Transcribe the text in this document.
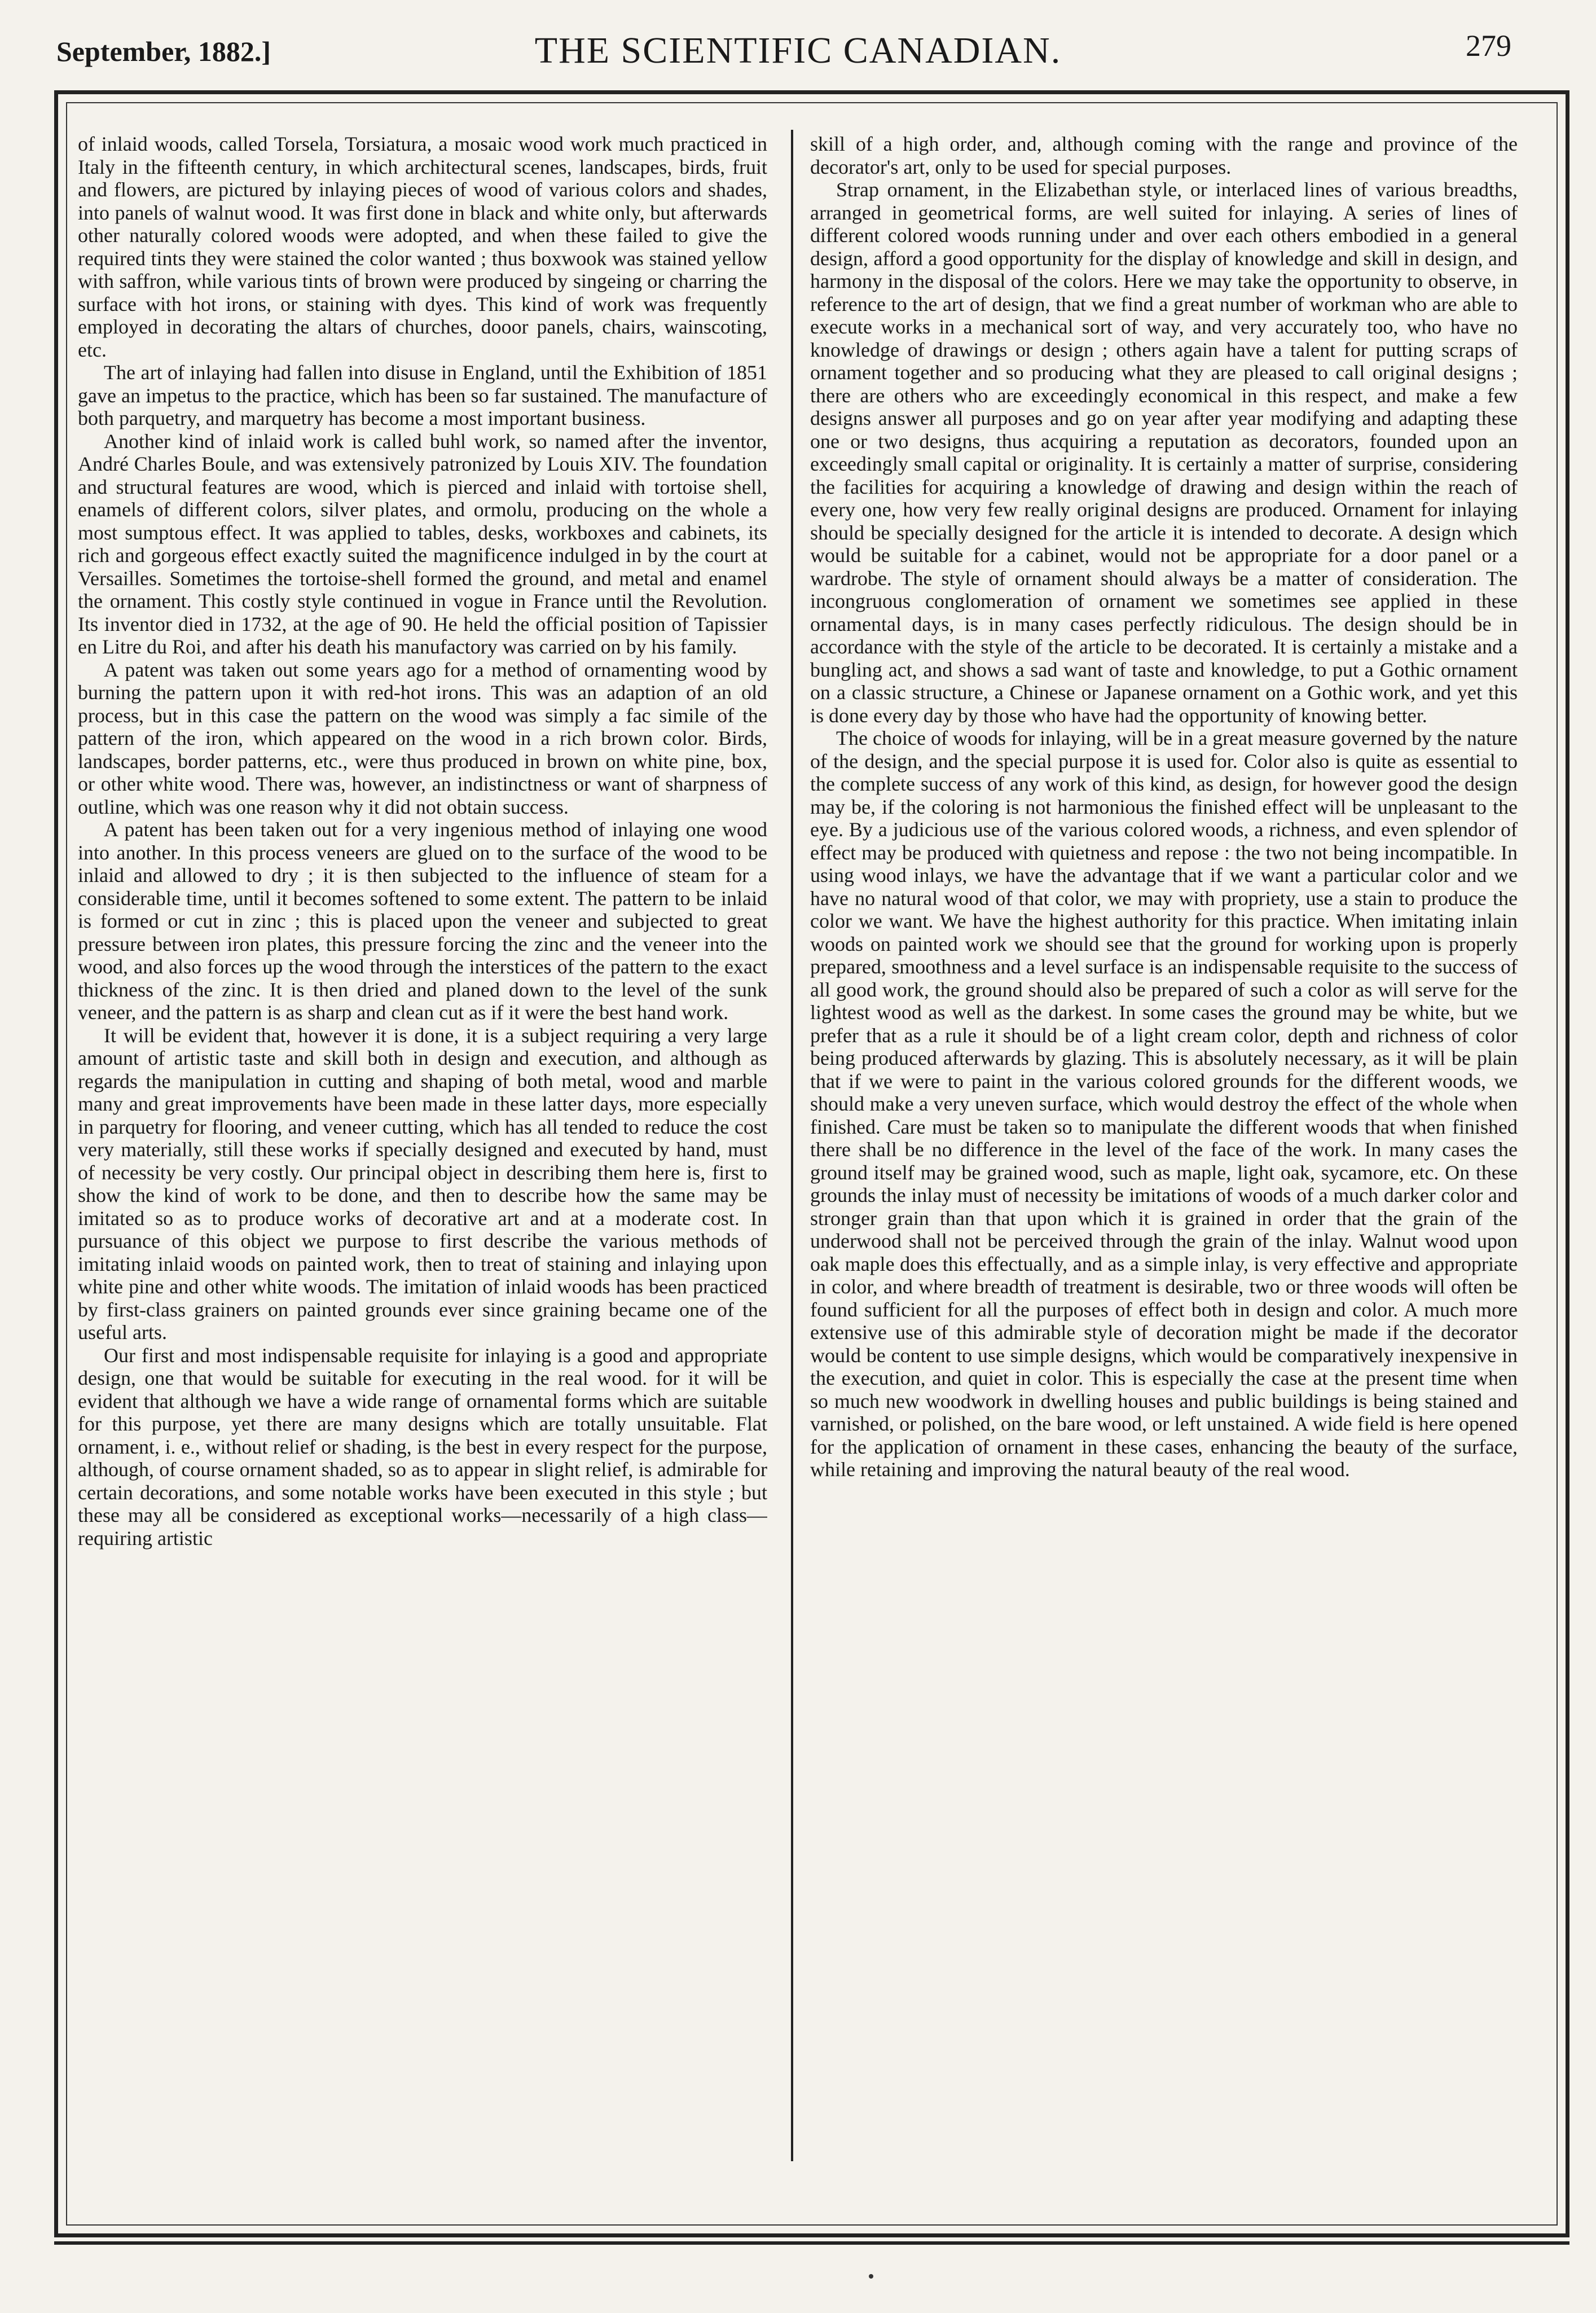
September, 1882.]	THE SCIENTIFIC CANADIAN.	279

of inlaid woods, called Torsela, Torsiatura, a mosaic wood work much practiced in Italy in the fifteenth century, in which architectural scenes, landscapes, birds, fruit and flowers, are pictured by inlaying pieces of wood of various colors and shades, into panels of walnut wood. It was first done in black and white only, but afterwards other naturally colored woods were adopted, and when these failed to give the required tints they were stained the color wanted ; thus boxwook was stained yellow with saffron, while various tints of brown were produced by singeing or charring the surface with hot irons, or staining with dyes. This kind of work was frequently employed in decorating the altars of churches, dooor panels, chairs, wainscoting, etc.

The art of inlaying had fallen into disuse in England, until the Exhibition of 1851 gave an impetus to the practice, which has been so far sustained. The manufacture of both parquetry, and marquetry has become a most important business.

Another kind of inlaid work is called buhl work, so named after the inventor, André Charles Boule, and was extensively patronized by Louis XIV. The foundation and structural features are wood, which is pierced and inlaid with tortoise shell, enamels of different colors, silver plates, and ormolu, producing on the whole a most sumptous effect. It was applied to tables, desks, workboxes and cabinets, its rich and gorgeous effect exactly suited the magnificence indulged in by the court at Versailles. Sometimes the tortoise-shell formed the ground, and metal and enamel the ornament. This costly style continued in vogue in France until the Revolution. Its inventor died in 1732, at the age of 90. He held the official position of Tapissier en Litre du Roi, and after his death his manufactory was carried on by his family.

A patent was taken out some years ago for a method of ornamenting wood by burning the pattern upon it with red-hot irons. This was an adaption of an old process, but in this case the pattern on the wood was simply a fac simile of the pattern of the iron, which appeared on the wood in a rich brown color. Birds, landscapes, border patterns, etc., were thus produced in brown on white pine, box, or other white wood. There was, however, an indistinctness or want of sharpness of outline, which was one reason why it did not obtain success.

A patent has been taken out for a very ingenious method of inlaying one wood into another. In this process veneers are glued on to the surface of the wood to be inlaid and allowed to dry ; it is then subjected to the influence of steam for a considerable time, until it becomes softened to some extent. The pattern to be inlaid is formed or cut in zinc ; this is placed upon the veneer and subjected to great pressure between iron plates, this pressure forcing the zinc and the veneer into the wood, and also forces up the wood through the interstices of the pattern to the exact thickness of the zinc. It is then dried and planed down to the level of the sunk veneer, and the pattern is as sharp and clean cut as if it were the best hand work.

It will be evident that, however it is done, it is a subject requiring a very large amount of artistic taste and skill both in design and execution, and although as regards the manipulation in cutting and shaping of both metal, wood and marble many and great improvements have been made in these latter days, more especially in parquetry for flooring, and veneer cutting, which has all tended to reduce the cost very materially, still these works if specially designed and executed by hand, must of necessity be very costly. Our principal object in describing them here is, first to show the kind of work to be done, and then to describe how the same may be imitated so as to produce works of decorative art and at a moderate cost. In pursuance of this object we purpose to first describe the various methods of imitating inlaid woods on painted work, then to treat of staining and inlaying upon white pine and other white woods. The imitation of inlaid woods has been practiced by first-class grainers on painted grounds ever since graining became one of the useful arts.

Our first and most indispensable requisite for inlaying is a good and appropriate design, one that would be suitable for executing in the real wood. for it will be evident that although we have a wide range of ornamental forms which are suitable for this purpose, yet there are many designs which are totally unsuitable. Flat ornament, i. e., without relief or shading, is the best in every respect for the purpose, although, of course ornament shaded, so as to appear in slight relief, is admirable for certain decorations, and some notable works have been executed in this style ; but these may all be considered as exceptional works—necessarily of a high class—requiring artistic

skill of a high order, and, although coming with the range and province of the decorator's art, only to be used for special purposes.

Strap ornament, in the Elizabethan style, or interlaced lines of various breadths, arranged in geometrical forms, are well suited for inlaying. A series of lines of different colored woods running under and over each others embodied in a general design, afford a good opportunity for the display of knowledge and skill in design, and harmony in the disposal of the colors. Here we may take the opportunity to observe, in reference to the art of design, that we find a great number of workman who are able to execute works in a mechanical sort of way, and very accurately too, who have no knowledge of drawings or design ; others again have a talent for putting scraps of ornament together and so producing what they are pleased to call original designs ; there are others who are exceedingly economical in this respect, and make a few designs answer all purposes and go on year after year modifying and adapting these one or two designs, thus acquiring a reputation as decorators, founded upon an exceedingly small capital or originality. It is certainly a matter of surprise, considering the facilities for acquiring a knowledge of drawing and design within the reach of every one, how very few really original designs are produced. Ornament for inlaying should be specially designed for the article it is intended to decorate. A design which would be suitable for a cabinet, would not be appropriate for a door panel or a wardrobe. The style of ornament should always be a matter of consideration. The incongruous conglomeration of ornament we sometimes see applied in these ornamental days, is in many cases perfectly ridiculous. The design should be in accordance with the style of the article to be decorated. It is certainly a mistake and a bungling act, and shows a sad want of taste and knowledge, to put a Gothic ornament on a classic structure, a Chinese or Japanese ornament on a Gothic work, and yet this is done every day by those who have had the opportunity of knowing better.

The choice of woods for inlaying, will be in a great measure governed by the nature of the design, and the special purpose it is used for. Color also is quite as essential to the complete success of any work of this kind, as design, for however good the design may be, if the coloring is not harmonious the finished effect will be unpleasant to the eye. By a judicious use of the various colored woods, a richness, and even splendor of effect may be produced with quietness and repose : the two not being incompatible. In using wood inlays, we have the advantage that if we want a particular color and we have no natural wood of that color, we may with propriety, use a stain to produce the color we want. We have the highest authority for this practice. When imitating inlain woods on painted work we should see that the ground for working upon is properly prepared, smoothness and a level surface is an indispensable requisite to the success of all good work, the ground should also be prepared of such a color as will serve for the lightest wood as well as the darkest. In some cases the ground may be white, but we prefer that as a rule it should be of a light cream color, depth and richness of color being produced afterwards by glazing. This is absolutely necessary, as it will be plain that if we were to paint in the various colored grounds for the different woods, we should make a very uneven surface, which would destroy the effect of the whole when finished. Care must be taken so to manipulate the different woods that when finished there shall be no difference in the level of the face of the work. In many cases the ground itself may be grained wood, such as maple, light oak, sycamore, etc. On these grounds the inlay must of necessity be imitations of woods of a much darker color and stronger grain than that upon which it is grained in order that the grain of the underwood shall not be perceived through the grain of the inlay. Walnut wood upon oak maple does this effectually, and as a simple inlay, is very effective and appropriate in color, and where breadth of treatment is desirable, two or three woods will often be found sufficient for all the purposes of effect both in design and color. A much more extensive use of this admirable style of decoration might be made if the decorator would be content to use simple designs, which would be comparatively inexpensive in the execution, and quiet in color. This is especially the case at the present time when so much new woodwork in dwelling houses and public buildings is being stained and varnished, or polished, on the bare wood, or left unstained. A wide field is here opened for the application of ornament in these cases, enhancing the beauty of the surface, while retaining and improving the natural beauty of the real wood.
